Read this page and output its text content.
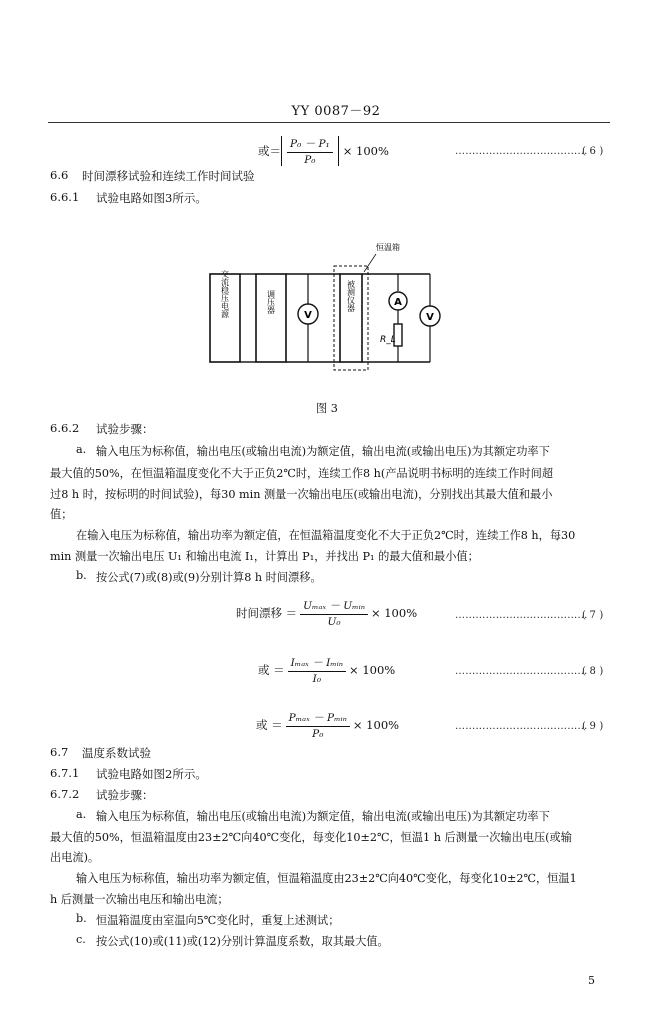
YY 0087－92
或＝ $\frac{\text{P₀ － P₁}}{\text{P₀}} \times 100\%$	…………………………………
( 6 )
6.6 时间漂移试验和连续工作时间试验
6.6.1 试验电路如图3所示。
恒温箱
交流稳压电源	调压器
V
被测仪器	A
R_L
V
图 3
6.6.2 试验步骤：
a. 输入电压为标称值，输出电压(或输出电流)为额定值，输出电流(或输出电压)为其额定功率下
最大值的50%，在恒温箱温度变化不大于正负2℃时，连续工作8 h(产品说明书标明的连续工作时间超
过8 h 时，按标明的时间试验)，每30 min 测量一次输出电压(或输出电流)，分别找出其最大值和最小
值；
在输入电压为标称值，输出功率为额定值，在恒温箱温度变化不大于正负2℃时，连续工作8 h，每30
min 测量一次输出电压 U₁ 和输出电流 I₁，计算出 P₁，并找出 P₁ 的最大值和最小值；
b. 按公式(7)或(8)或(9)分别计算8 h 时间漂移。
时间漂移 ＝ $\frac{\text{Uₘₐₓ － Uₘᵢₙ}}{\text{U₀}} \times 100\%$	…………………………………
( 7 )
或 ＝ $\frac{\text{Iₘₐₓ － Iₘᵢₙ}}{\text{I₀}} \times 100\%$	…………………………………
( 8 )
或 ＝ $\frac{\text{Pₘₐₓ － Pₘᵢₙ}}{\text{P₀}} \times 100\%$	…………………………………
( 9 )
6.7 温度系数试验
6.7.1 试验电路如图2所示。
6.7.2 试验步骤：
a. 输入电压为标称值，输出电压(或输出电流)为额定值，输出电流(或输出电压)为其额定功率下
最大值的50%，恒温箱温度由23±2℃向40℃变化，每变化10±2℃，恒温1 h 后测量一次输出电压(或输
出电流)。
输入电压为标称值，输出功率为额定值，恒温箱温度由23±2℃向40℃变化，每变化10±2℃，恒温1
h 后测量一次输出电压和输出电流；
b. 恒温箱温度由室温向5℃变化时，重复上述测试；
c. 按公式(10)或(11)或(12)分别计算温度系数，取其最大值。
5
